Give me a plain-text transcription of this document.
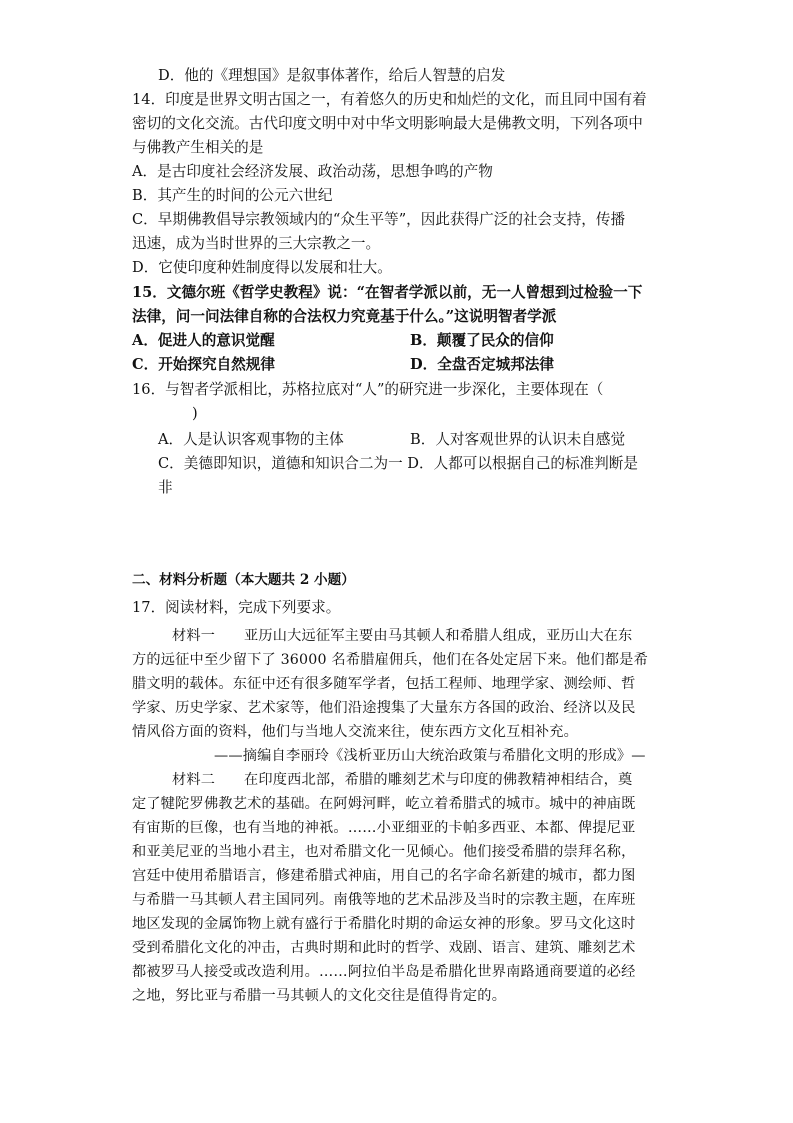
D．他的《理想国》是叙事体著作，给后人智慧的启发
14．印度是世界文明古国之一，有着悠久的历史和灿烂的文化，而且同中国有着
密切的文化交流。古代印度文明中对中华文明影响最大是佛教文明，下列各项中
与佛教产生相关的是
A．是古印度社会经济发展、政治动荡，思想争鸣的产物
B．其产生的时间的公元六世纪
C．早期佛教倡导宗教领域内的“众生平等”，因此获得广泛的社会支持，传播
迅速，成为当时世界的三大宗教之一。
D．它使印度种姓制度得以发展和壮大。
15．文德尔班《哲学史教程》说：“在智者学派以前，无一人曾想到过检验一下
法律，问一问法律自称的合法权力究竟基于什么。”这说明智者学派
A．促进人的意识觉醒	B．颠覆了民众的信仰
C．开始探究自然规律	D．全盘否定城邦法律
16．与智者学派相比，苏格拉底对“人”的研究进一步深化，主要体现在（
)
A．人是认识客观事物的主体	B．人对客观世界的认识未自感觉
C．美德即知识，道德和知识合二为一 D．人都可以根据自己的标准判断是
非
二、材料分析题（本大题共 2 小题）
17．阅读材料，完成下列要求。
材料一　　亚历山大远征军主要由马其顿人和希腊人组成，亚历山大在东
方的远征中至少留下了 36000 名希腊雇佣兵，他们在各处定居下来。他们都是希
腊文明的载体。东征中还有很多随军学者，包括工程师、地理学家、测绘师、哲
学家、历史学家、艺术家等，他们沿途搜集了大量东方各国的政治、经济以及民
情风俗方面的资料，他们与当地人交流来往，使东西方文化互相补充。
——摘编自李丽玲《浅析亚历山大统治政策与希腊化文明的形成》—
材料二　　在印度西北部，希腊的雕刻艺术与印度的佛教精神相结合，奠
定了犍陀罗佛教艺术的基础。在阿姆河畔，屹立着希腊式的城市。城中的神庙既
有宙斯的巨像，也有当地的神祇。……小亚细亚的卡帕多西亚、本都、俾提尼亚
和亚美尼亚的当地小君主，也对希腊文化一见倾心。他们接受希腊的崇拜名称，
宫廷中使用希腊语言，修建希腊式神庙，用自己的名字命名新建的城市，都力图
与希腊一马其顿人君主国同列。南俄等地的艺术品涉及当时的宗教主题，在库班
地区发现的金属饰物上就有盛行于希腊化时期的命运女神的形象。罗马文化这时
受到希腊化文化的冲击，古典时期和此时的哲学、戏剧、语言、建筑、雕刻艺术
都被罗马人接受或改造利用。……阿拉伯半岛是希腊化世界南路通商要道的必经
之地，努比亚与希腊一马其顿人的文化交往是值得肯定的。
